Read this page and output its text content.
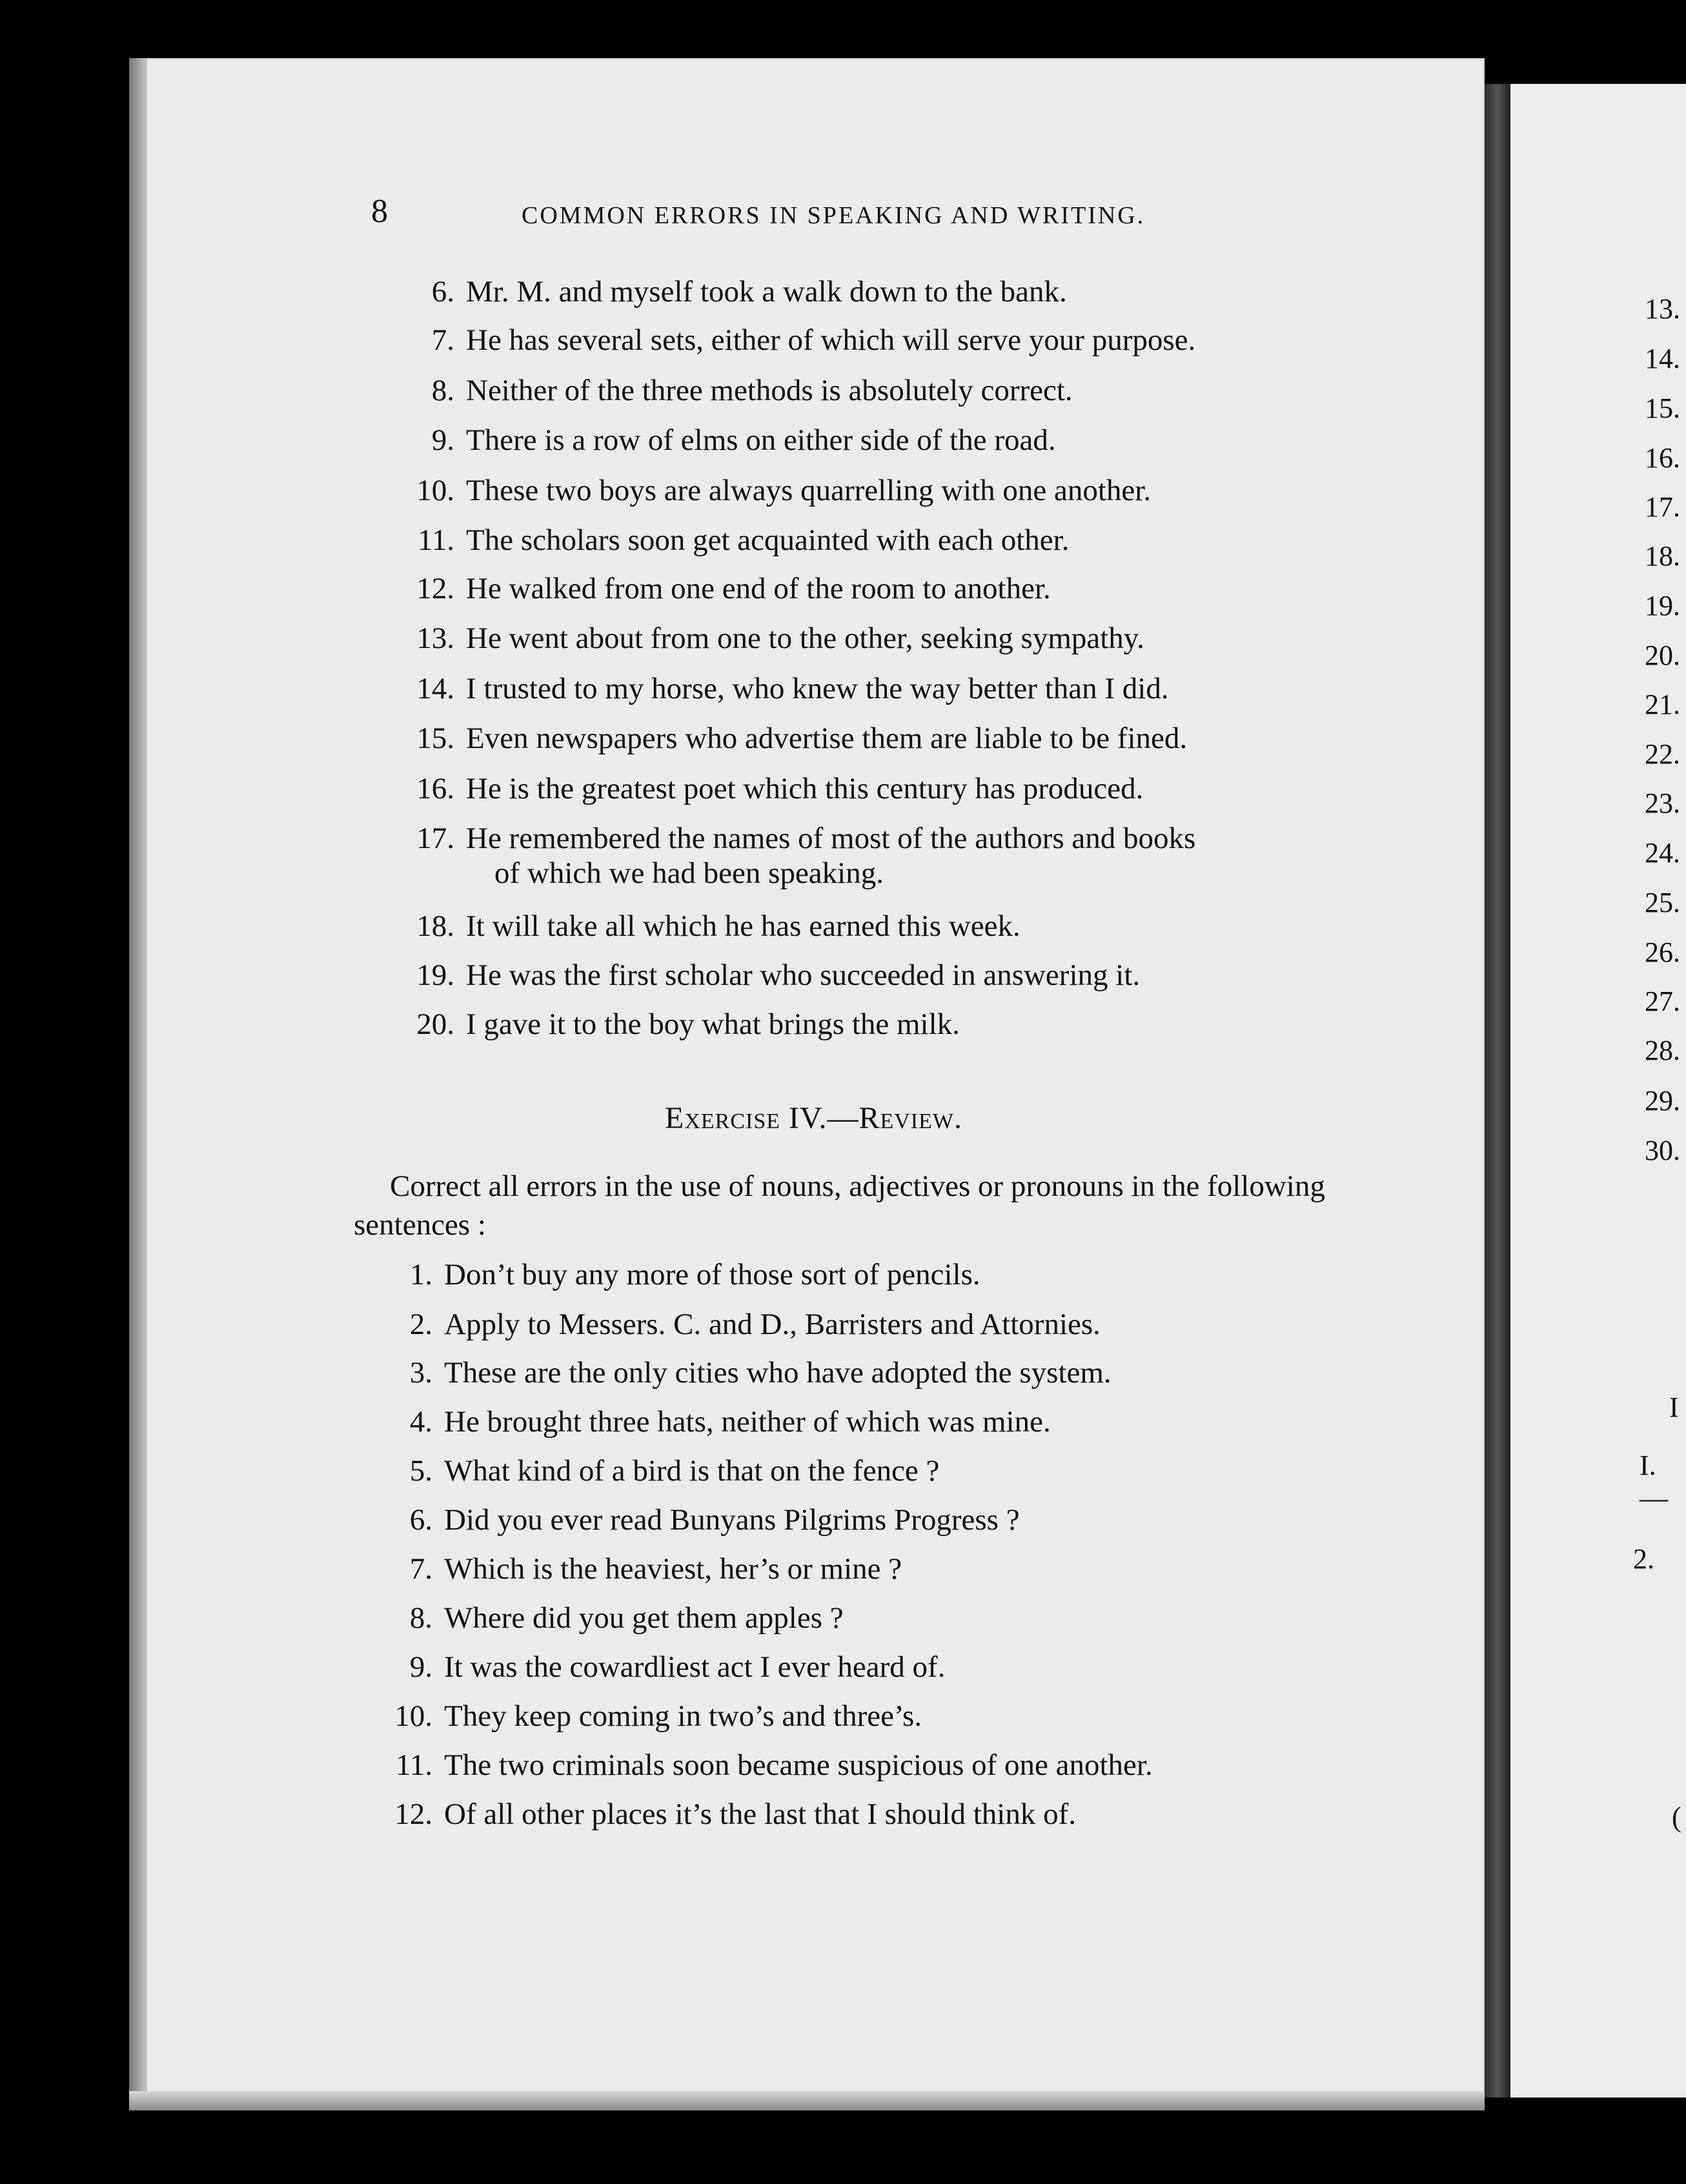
8	COMMON ERRORS IN SPEAKING AND WRITING.
6. Mr. M. and myself took a walk down to the bank.
7. He has several sets, either of which will serve your purpose.
8. Neither of the three methods is absolutely correct.
9. There is a row of elms on either side of the road.
10. These two boys are always quarrelling with one another.
11. The scholars soon get acquainted with each other.
12. He walked from one end of the room to another.
13. He went about from one to the other, seeking sympathy.
14. I trusted to my horse, who knew the way better than I did.
15. Even newspapers who advertise them are liable to be fined.
16. He is the greatest poet which this century has produced.
17. He remembered the names of most of the authors and books
of which we had been speaking.
18. It will take all which he has earned this week.
19. He was the first scholar who succeeded in answering it.
20. I gave it to the boy what brings the milk.
Exercise IV.—Review.
Correct all errors in the use of nouns, adjectives or pronouns in the following sentences :
1. Don’t buy any more of those sort of pencils.
2. Apply to Messers. C. and D., Barristers and Attornies.
3. These are the only cities who have adopted the system.
4. He brought three hats, neither of which was mine.
5. What kind of a bird is that on the fence ?
6. Did you ever read Bunyans Pilgrims Progress ?
7. Which is the heaviest, her’s or mine ?
8. Where did you get them apples ?
9. It was the cowardliest act I ever heard of.
10. They keep coming in two’s and three’s.
11. The two criminals soon became suspicious of one another.
12. Of all other places it’s the last that I should think of.
13.
14.
15.
16.
17.
18.
19.
20.
21.
22.
23.
24.
25.
26.
27.
28.
29.
30.
I
I.—
2.
(
